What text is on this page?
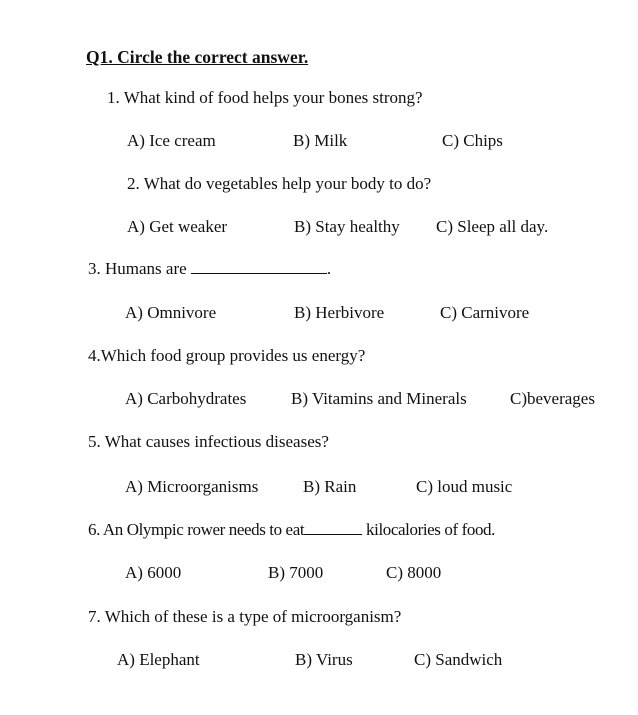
Q1. Circle the correct answer.
1. What kind of food helps your bones strong?
A) Ice cream	B) Milk	C) Chips
2. What do vegetables help your body to do?
A) Get weaker	B) Stay healthy C) Sleep all day.
3. Humans are	.
A) Omnivore	B) Herbivore	C) Carnivore
4.Which food group provides us energy?
A) Carbohydrates	B) Vitamins and Minerals	C)beverages
5. What causes infectious diseases?
A) Microorganisms	B) Rain	C) loud music
6. An Olympic rower needs to eat	kilocalories of food.
A) 6000	B) 7000	C) 8000
7. Which of these is a type of microorganism?
A) Elephant	B) Virus	C) Sandwich
